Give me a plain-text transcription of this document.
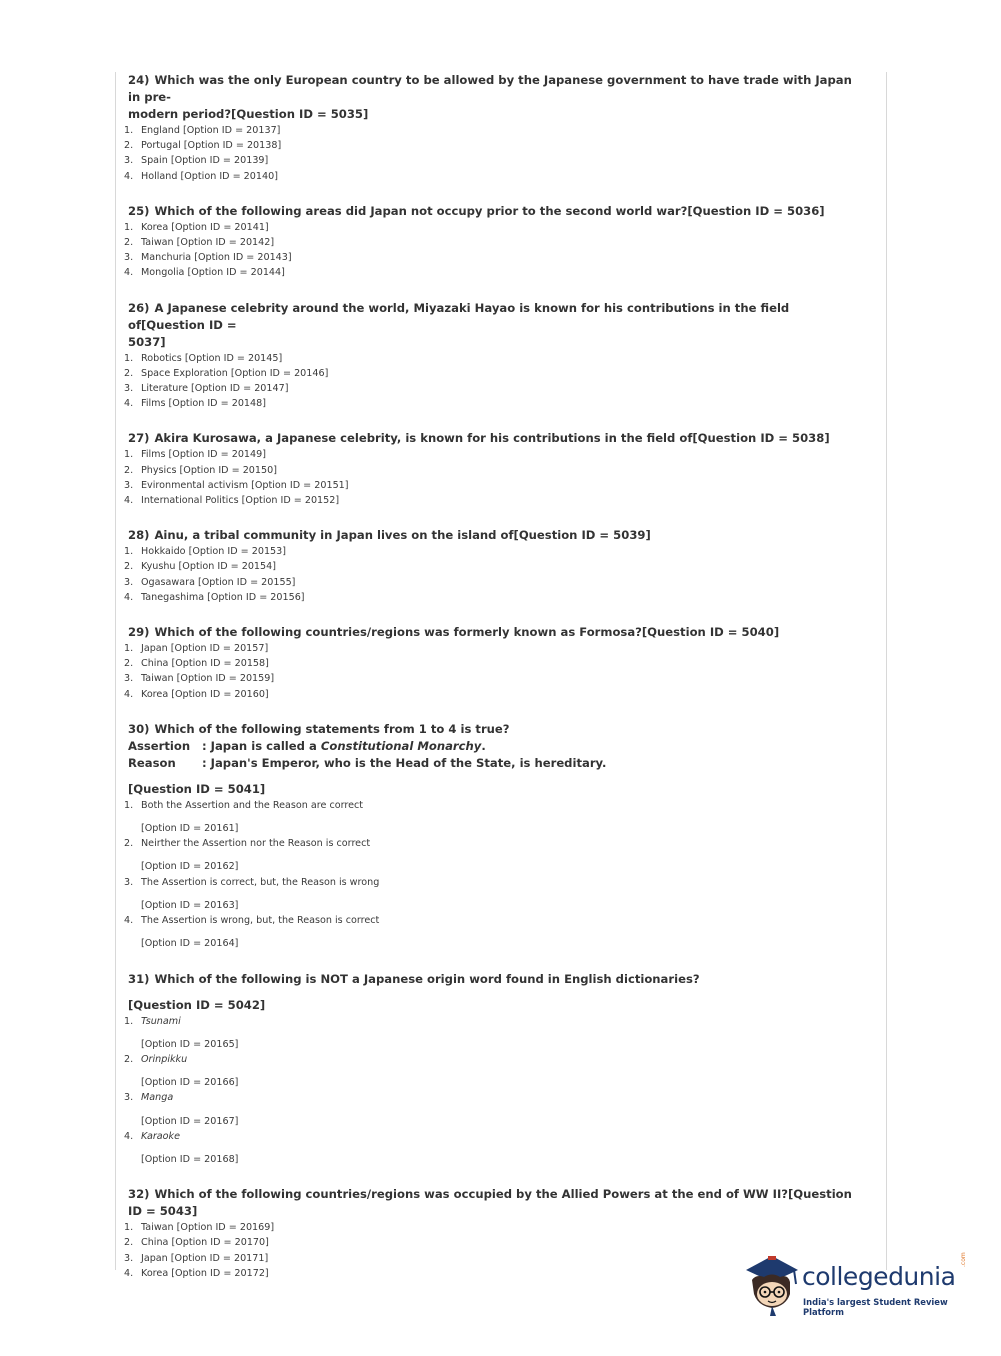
24) Which was the only European country to be allowed by the Japanese government to have trade with Japan in pre-
modern period?[Question ID = 5035]

1. England [Option ID = 20137]
2. Portugal [Option ID = 20138]
3. Spain [Option ID = 20139]
4. Holland [Option ID = 20140]

25) Which of the following areas did Japan not occupy prior to the second world war?[Question ID = 5036]

1. Korea [Option ID = 20141]
2. Taiwan [Option ID = 20142]
3. Manchuria [Option ID = 20143]
4. Mongolia [Option ID = 20144]

26) A Japanese celebrity around the world, Miyazaki Hayao is known for his contributions in the field of[Question ID =
5037]

1. Robotics [Option ID = 20145]
2. Space Exploration [Option ID = 20146]
3. Literature [Option ID = 20147]
4. Films [Option ID = 20148]

27) Akira Kurosawa, a Japanese celebrity, is known for his contributions in the field of[Question ID = 5038]

1. Films [Option ID = 20149]
2. Physics [Option ID = 20150]
3. Evironmental activism [Option ID = 20151]
4. International Politics [Option ID = 20152]

28) Ainu, a tribal community in Japan lives on the island of[Question ID = 5039]

1. Hokkaido [Option ID = 20153]
2. Kyushu [Option ID = 20154]
3. Ogasawara [Option ID = 20155]
4. Tanegashima [Option ID = 20156]

29) Which of the following countries/regions was formerly known as Formosa?[Question ID = 5040]

1. Japan [Option ID = 20157]
2. China [Option ID = 20158]
3. Taiwan [Option ID = 20159]
4. Korea [Option ID = 20160]

30) Which of the following statements from 1 to 4 is true?

Assertion : Japan is called a Constitutional Monarchy.
Reason : Japan's Emperor, who is the Head of the State, is hereditary.
[Question ID = 5041]
1. Both the Assertion and the Reason are correct
[Option ID = 20161]
2. Neirther the Assertion nor the Reason is correct
[Option ID = 20162]
3. The Assertion is correct, but, the Reason is wrong
[Option ID = 20163]
4. The Assertion is wrong, but, the Reason is correct
[Option ID = 20164]

31) Which of the following is NOT a Japanese origin word found in English dictionaries?

[Question ID = 5042]
1. Tsunami
[Option ID = 20165]
2. Orinpikku
[Option ID = 20166]
3. Manga
[Option ID = 20167]
4. Karaoke
[Option ID = 20168]

32) Which of the following countries/regions was occupied by the Allied Powers at the end of WW II?[Question ID = 5043]

1. Taiwan [Option ID = 20169]
2. China [Option ID = 20170]
3. Japan [Option ID = 20171]
4. Korea [Option ID = 20172]	collegedunia
.com
India's largest Student Review Platform
